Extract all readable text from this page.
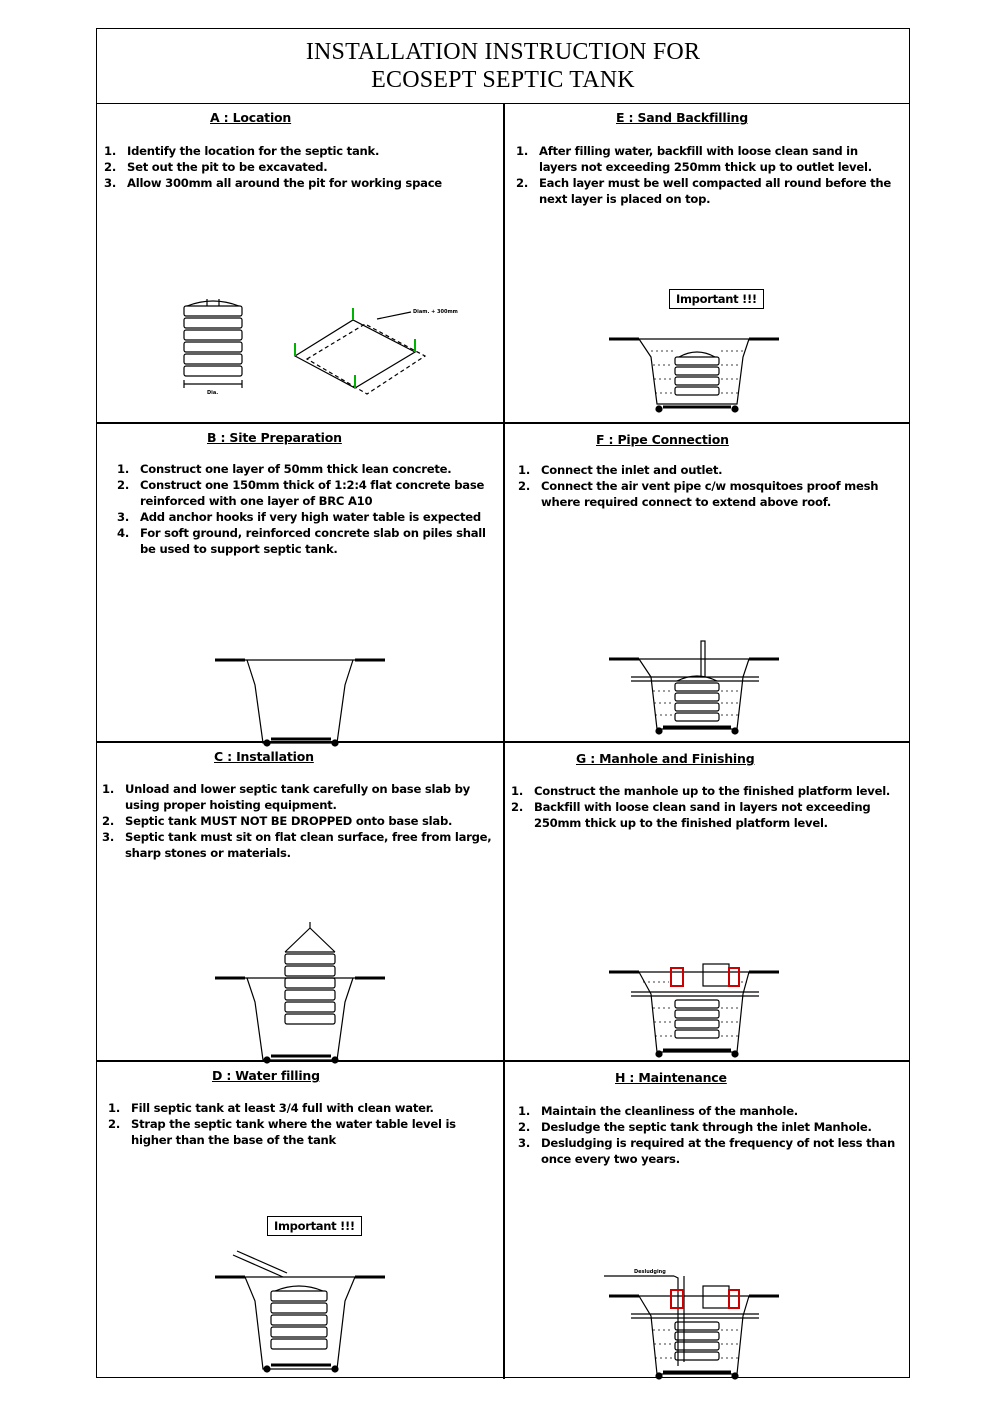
INSTALLATION INSTRUCTION FOR
ECOSEPT SEPTIC TANK
A : Location
1. Identify the location for the septic tank.
2. Set out the pit to be excavated.
3. Allow 300mm all around the pit for working space
Dia.
Diam. + 300mm
E : Sand Backfilling
1. After filling water, backfill with loose clean sand in layers not exceeding 250mm thick up to outlet level.
2. Each layer must be well compacted all round before the next layer is placed on top.
Important !!!
B : Site Preparation
1. Construct one layer of 50mm thick lean concrete.
2. Construct one 150mm thick of 1:2:4 flat concrete base reinforced with one layer of BRC A10
3. Add anchor hooks if very high water table is expected
4. For soft ground, reinforced concrete slab on piles shall be used to support septic tank.
F : Pipe Connection
1. Connect the inlet and outlet.
2. Connect the air vent pipe c/w mosquitoes proof mesh where required connect to extend above roof.
C : Installation
1. Unload and lower septic tank carefully on base slab by using proper hoisting equipment.
2. Septic tank MUST NOT BE DROPPED onto base slab.
3. Septic tank must sit on flat clean surface, free from large, sharp stones or materials.
G : Manhole and Finishing
1. Construct the manhole up to the finished platform level.
2. Backfill with loose clean sand in layers not exceeding 250mm thick up to the finished platform level.
D : Water filling
1. Fill septic tank at least 3/4 full with clean water.
2. Strap the septic tank where the water table level is higher than the base of the tank
Important !!!
H : Maintenance
1. Maintain the cleanliness of the manhole.
2. Desludge the septic tank through the inlet Manhole.
3. Desludging is required at the frequency of not less than once every two years.
Desludging
